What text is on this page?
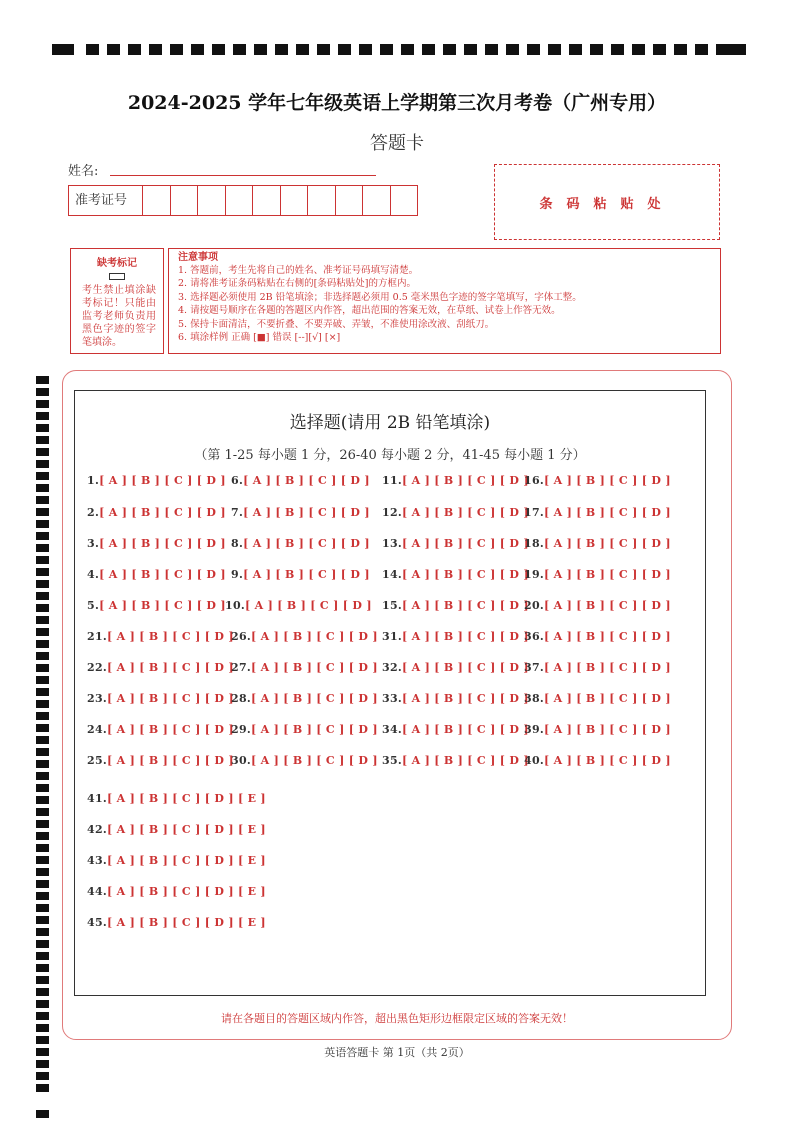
2024-2025 学年七年级英语上学期第三次月考卷（广州专用）
答题卡
姓名:
准考证号	条码粘贴处
缺考标记
考生禁止填涂缺考标记！只能由监考老师负责用黑色字迹的签字笔填涂。
注意事项
1. 答题前，考生先将自己的姓名、准考证号码填写清楚。
2. 请将准考证条码粘贴在右侧的[条码粘贴处]的方框内。
3. 选择题必须使用 2B 铅笔填涂；非选择题必须用 0.5 毫米黑色字迹的签字笔填写，字体工整。
4. 请按题号顺序在各题的答题区内作答，超出范围的答案无效，在草纸、试卷上作答无效。
5. 保持卡面清洁，不要折叠、不要弄破、弄皱，不准使用涂改液、刮纸刀。
6. 填涂样例 正确 [■] 错误 [--][√] [×]
选择题(请用 2B 铅笔填涂)
（第 1-25 每小题 1 分，26-40 每小题 2 分，41-45 每小题 1 分）
1.[ A ] [ B ] [ C ] [ D ]
2.[ A ] [ B ] [ C ] [ D ]
3.[ A ] [ B ] [ C ] [ D ]
4.[ A ] [ B ] [ C ] [ D ]
5.[ A ] [ B ] [ C ] [ D ]
21.[ A ] [ B ] [ C ] [ D ]
22.[ A ] [ B ] [ C ] [ D ]
23.[ A ] [ B ] [ C ] [ D ]
24.[ A ] [ B ] [ C ] [ D ]
25.[ A ] [ B ] [ C ] [ D ]
6.[ A ] [ B ] [ C ] [ D ]
7.[ A ] [ B ] [ C ] [ D ]
8.[ A ] [ B ] [ C ] [ D ]
9.[ A ] [ B ] [ C ] [ D ]
10.[ A ] [ B ] [ C ] [ D ]
26.[ A ] [ B ] [ C ] [ D ]
27.[ A ] [ B ] [ C ] [ D ]
28.[ A ] [ B ] [ C ] [ D ]
29.[ A ] [ B ] [ C ] [ D ]
30.[ A ] [ B ] [ C ] [ D ]
11.[ A ] [ B ] [ C ] [ D ]
12.[ A ] [ B ] [ C ] [ D ]
13.[ A ] [ B ] [ C ] [ D ]
14.[ A ] [ B ] [ C ] [ D ]
15.[ A ] [ B ] [ C ] [ D ]
31.[ A ] [ B ] [ C ] [ D ]
32.[ A ] [ B ] [ C ] [ D ]
33.[ A ] [ B ] [ C ] [ D ]
34.[ A ] [ B ] [ C ] [ D ]
35.[ A ] [ B ] [ C ] [ D ]
16.[ A ] [ B ] [ C ] [ D ]
17.[ A ] [ B ] [ C ] [ D ]
18.[ A ] [ B ] [ C ] [ D ]
19.[ A ] [ B ] [ C ] [ D ]
20.[ A ] [ B ] [ C ] [ D ]
36.[ A ] [ B ] [ C ] [ D ]
37.[ A ] [ B ] [ C ] [ D ]
38.[ A ] [ B ] [ C ] [ D ]
39.[ A ] [ B ] [ C ] [ D ]
40.[ A ] [ B ] [ C ] [ D ]
41.[ A ] [ B ] [ C ] [ D ] [ E ]
42.[ A ] [ B ] [ C ] [ D ] [ E ]
43.[ A ] [ B ] [ C ] [ D ] [ E ]
44.[ A ] [ B ] [ C ] [ D ] [ E ]
45.[ A ] [ B ] [ C ] [ D ] [ E ]
请在各题目的答题区域内作答，超出黑色矩形边框限定区域的答案无效！
英语答题卡 第 1页（共 2页）
